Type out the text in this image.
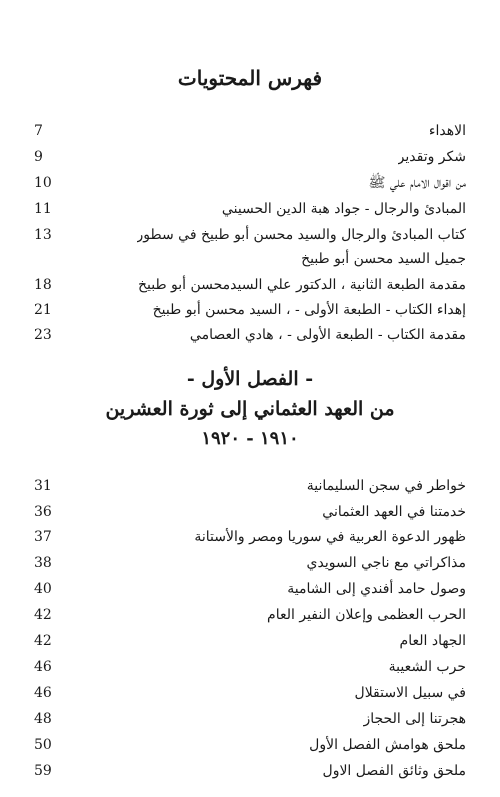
فهرس المحتويات
7	الاهداء
9	شكر وتقدير
10	من اقوال الامام علي ﷺ
11	المبادئ والرجال - جواد هبة الدين الحسيني
13	كتاب المبادئ والرجال والسيد محسن أبو طبيخ في سطور
جميل السيد محسن أبو طبيخ
18	مقدمة الطبعة الثانية ، الدكتور علي السيدمحسن أبو طبيخ
21	إهداء الكتاب - الطبعة الأولى - ، السيد محسن أبو طبيخ
23	مقدمة الكتاب - الطبعة الأولى - ، هادي العصامي
- الفصل الأول -
من العهد العثماني إلى ثورة العشرين
١٩١٠ - ١٩٢٠
31	خواطر في سجن السليمانية
36	خدمتنا في العهد العثماني
37	ظهور الدعوة العربية في سوريا ومصر والأستانة
38	مذاكراتي مع ناجي السويدي
40	وصول حامد أفندي إلى الشامية
42	الحرب العظمى وإعلان النفير العام
42	الجهاد العام
46	حرب الشعيبة
46	في سبيل الاستقلال
48	هجرتنا إلى الحجاز
50	ملحق هوامش الفصل الأول
59	ملحق وثائق الفصل الاول
